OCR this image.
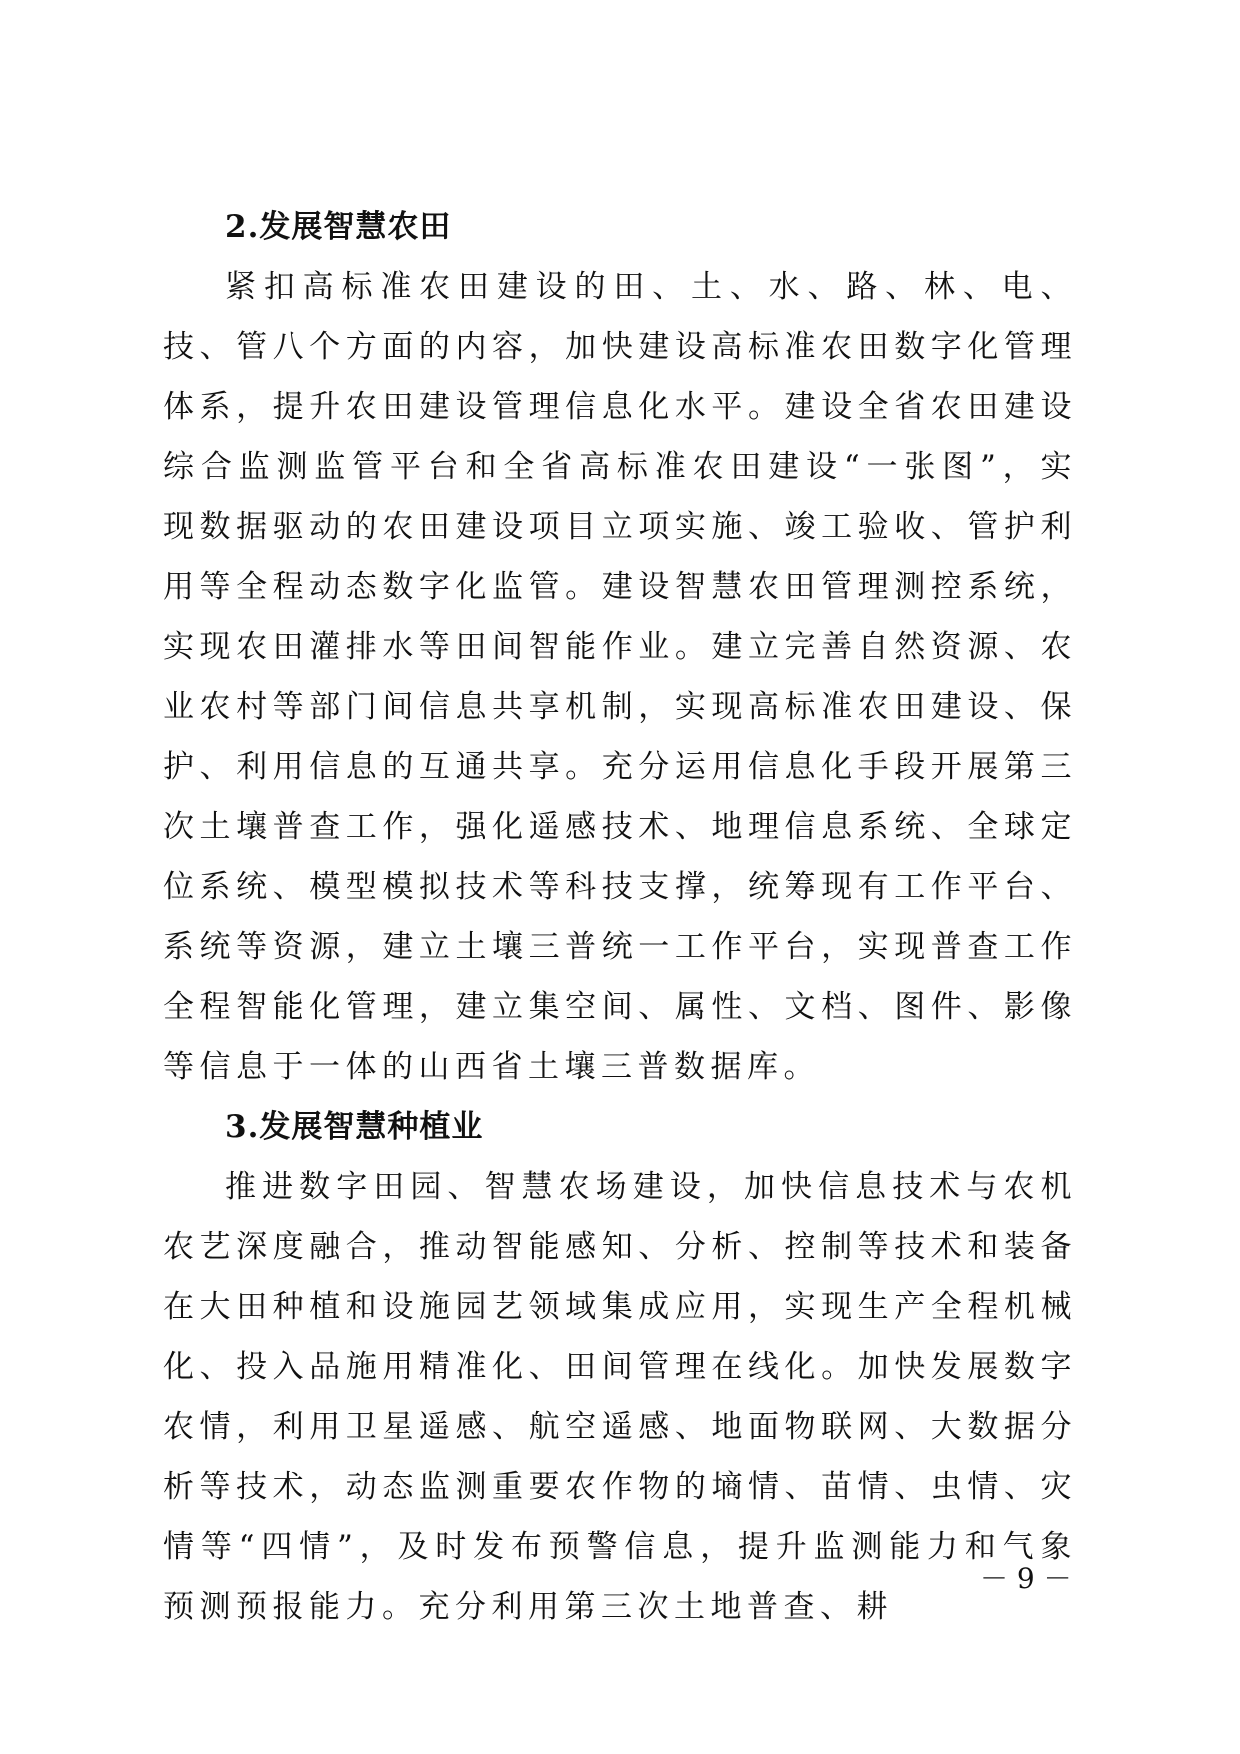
2.发展智慧农田

紧扣高标准农田建设的田、土、水、路、林、电、技、管八个方面的内容，加快建设高标准农田数字化管理体系，提升农田建设管理信息化水平。建设全省农田建设综合监测监管平台和全省高标准农田建设“一张图”，实现数据驱动的农田建设项目立项实施、竣工验收、管护利用等全程动态数字化监管。建设智慧农田管理测控系统，实现农田灌排水等田间智能作业。建立完善自然资源、农业农村等部门间信息共享机制，实现高标准农田建设、保护、利用信息的互通共享。充分运用信息化手段开展第三次土壤普查工作，强化遥感技术、地理信息系统、全球定位系统、模型模拟技术等科技支撑，统筹现有工作平台、系统等资源，建立土壤三普统一工作平台，实现普查工作全程智能化管理，建立集空间、属性、文档、图件、影像等信息于一体的山西省土壤三普数据库。

3.发展智慧种植业

推进数字田园、智慧农场建设，加快信息技术与农机农艺深度融合，推动智能感知、分析、控制等技术和装备在大田种植和设施园艺领域集成应用，实现生产全程机械化、投入品施用精准化、田间管理在线化。加快发展数字农情，利用卫星遥感、航空遥感、地面物联网、大数据分析等技术，动态监测重要农作物的墒情、苗情、虫情、灾情等“四情”，及时发布预警信息，提升监测能力和气象预测预报能力。充分利用第三次土地普查、耕

－ 9 －
